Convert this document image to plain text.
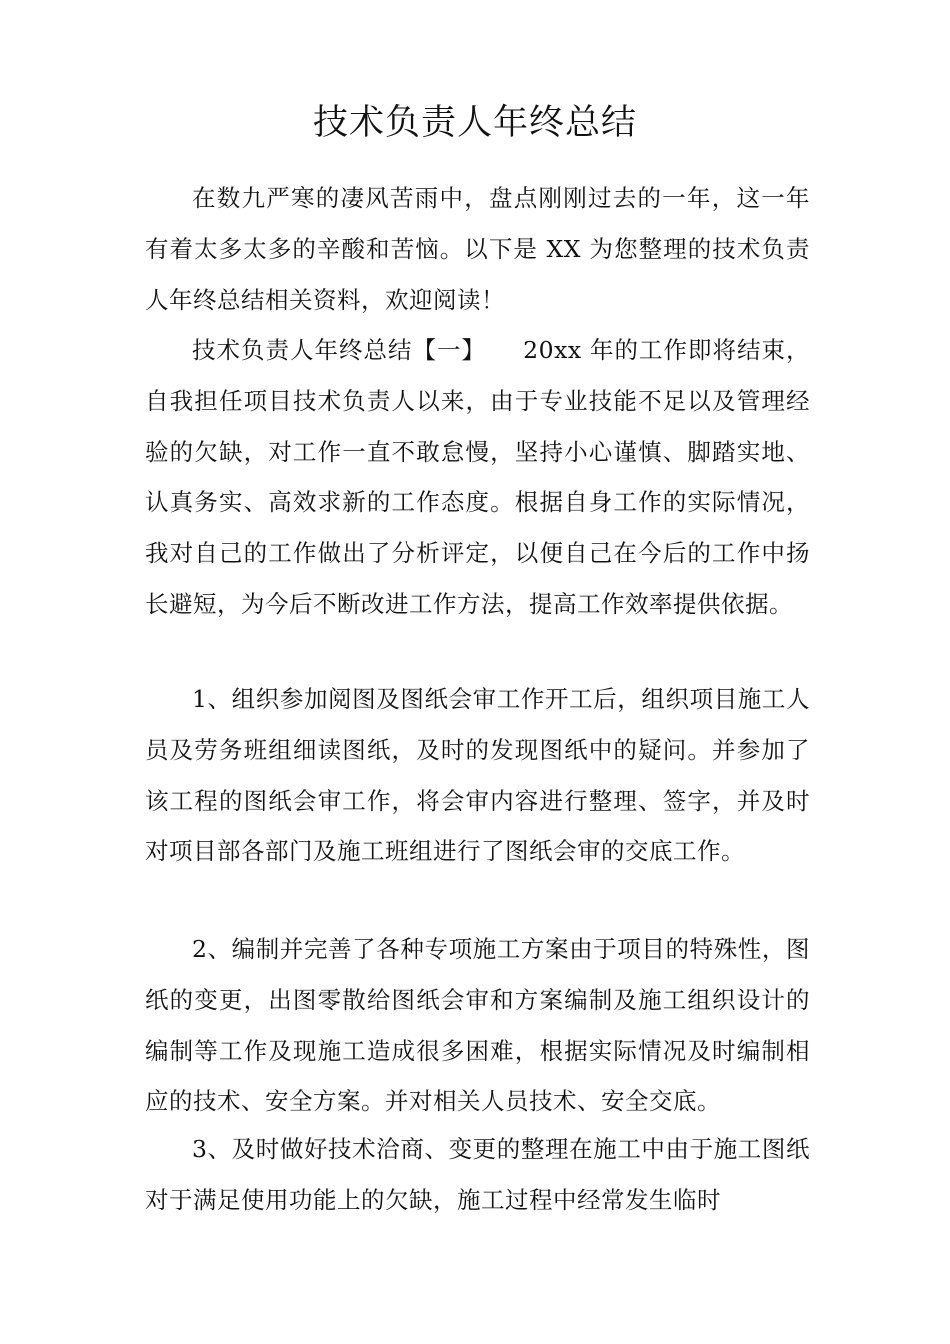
技术负责人年终总结

在数九严寒的凄风苦雨中，盘点刚刚过去的一年，这一年有着太多太多的辛酸和苦恼。以下是 XX 为您整理的技术负责人年终总结相关资料，欢迎阅读！

技术负责人年终总结【一】　　20xx 年的工作即将结束，自我担任项目技术负责人以来，由于专业技能不足以及管理经验的欠缺，对工作一直不敢怠慢，坚持小心谨慎、脚踏实地、认真务实、高效求新的工作态度。根据自身工作的实际情况，我对自己的工作做出了分析评定，以便自己在今后的工作中扬长避短，为今后不断改进工作方法，提高工作效率提供依据。

1、组织参加阅图及图纸会审工作开工后，组织项目施工人员及劳务班组细读图纸，及时的发现图纸中的疑问。并参加了该工程的图纸会审工作，将会审内容进行整理、签字，并及时对项目部各部门及施工班组进行了图纸会审的交底工作。

2、编制并完善了各种专项施工方案由于项目的特殊性，图纸的变更，出图零散给图纸会审和方案编制及施工组织设计的编制等工作及现施工造成很多困难，根据实际情况及时编制相应的技术、安全方案。并对相关人员技术、安全交底。

3、及时做好技术洽商、变更的整理在施工中由于施工图纸对于满足使用功能上的欠缺，施工过程中经常发生临时
